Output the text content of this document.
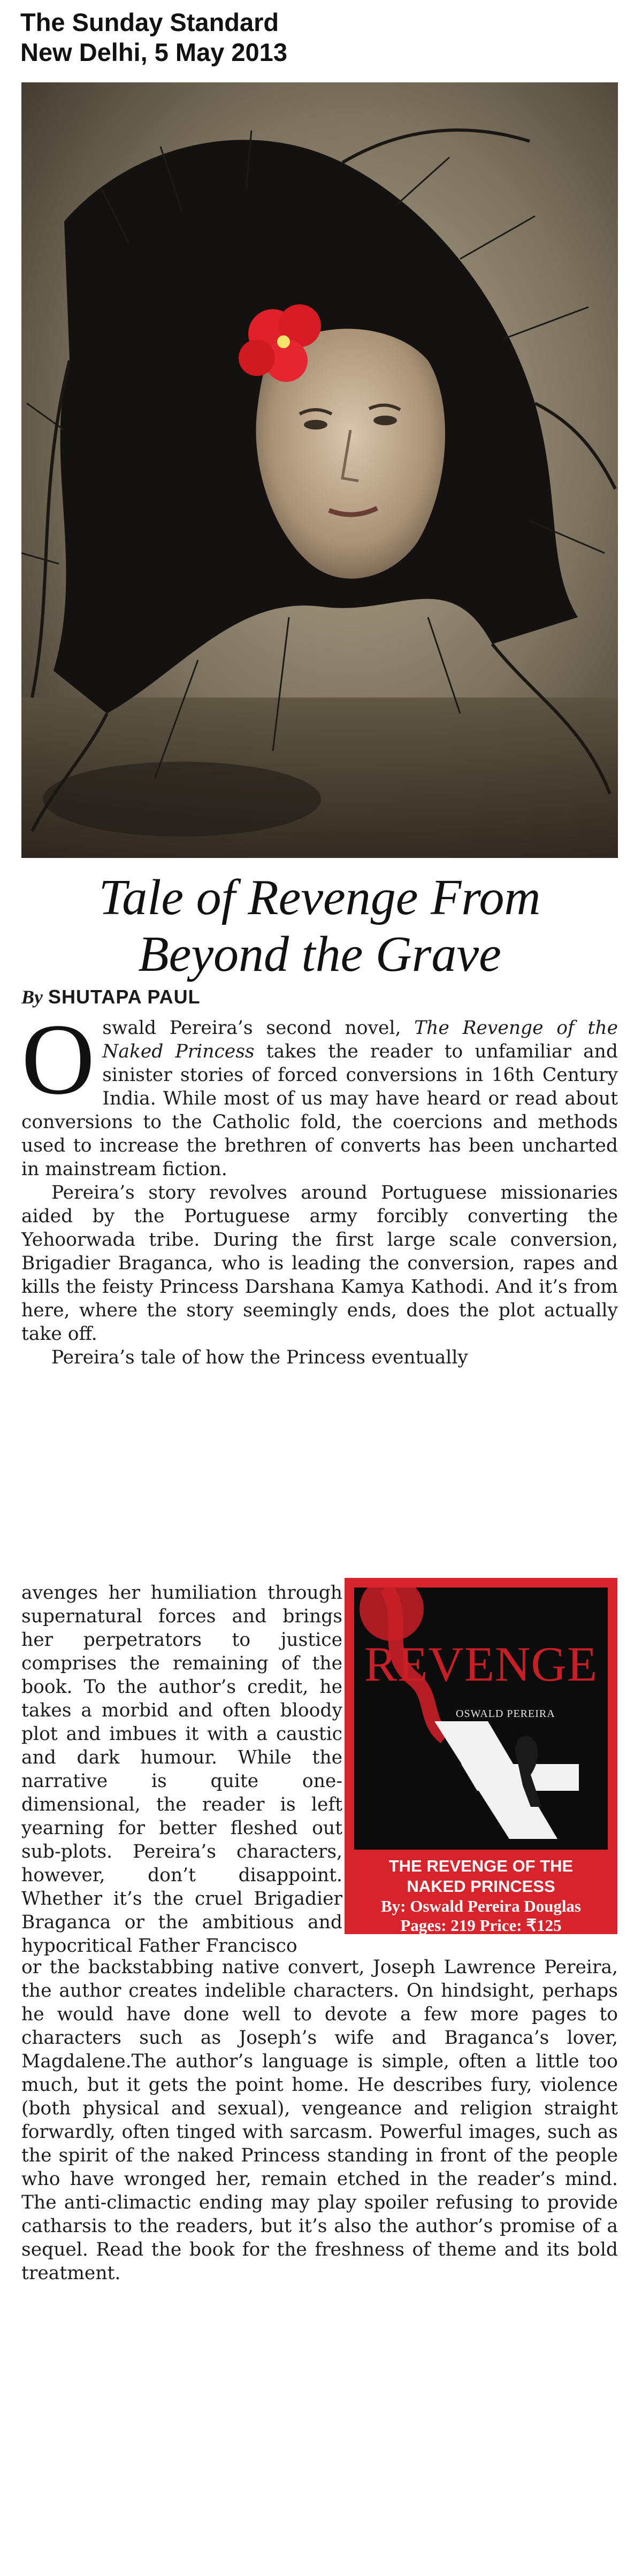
The Sunday Standard
New Delhi, 5 May 2013
Tale of Revenge From
Beyond the Grave
By SHUTAPA PAUL

Oswald Pereira’s second novel, The Revenge of the Naked Princess takes the reader to unfamiliar and sinister stories of forced conversions in 16th Century India. While most of us may have heard or read about conversions to the Catholic fold, the coercions and methods used to increase the brethren of converts has been uncharted in mainstream fiction.

Pereira’s story revolves around Portuguese missionaries aided by the Portuguese army forcibly converting the Yehoorwada tribe. During the first large scale conversion, Brigadier Braganca, who is leading the conversion, rapes and kills the feisty Princess Darshana Kamya Kathodi. And it’s from here, where the story seemingly ends, does the plot actually take off.

Pereira’s tale of how the Princess eventually

avenges her humiliation through supernatural forces and brings her perpetrators to justice comprises the remaining of the book. To the author’s credit, he takes a morbid and often bloody plot and imbues it with a caustic and dark humour. While the narrative is quite one-dimensional, the reader is left yearning for better fleshed out sub-plots. Pereira’s characters, however, don’t disappoint. Whether it’s the cruel Brigadier Braganca or the ambitious and hypocritical Father Francisco

REVENGE
OSWALD PEREIRA
THE REVENGE OF THE
NAKED PRINCESS
By: Oswald Pereira Douglas
Pages: 219 Price: ₹125
Imprint: Leadstart

or the backstabbing native convert, Joseph Lawrence Pereira, the author creates indelible characters. On hindsight, perhaps he would have done well to devote a few more pages to characters such as Joseph’s wife and Braganca’s lover, Magdalene.The author’s language is simple, often a little too much, but it gets the point home. He describes fury, violence (both physical and sexual), vengeance and religion straight forwardly, often tinged with sarcasm. Powerful images, such as the spirit of the naked Princess standing in front of the people who have wronged her, remain etched in the reader’s mind. The anti-climactic ending may play spoiler refusing to provide catharsis to the readers, but it’s also the author’s promise of a sequel. Read the book for the freshness of theme and its bold treatment.
